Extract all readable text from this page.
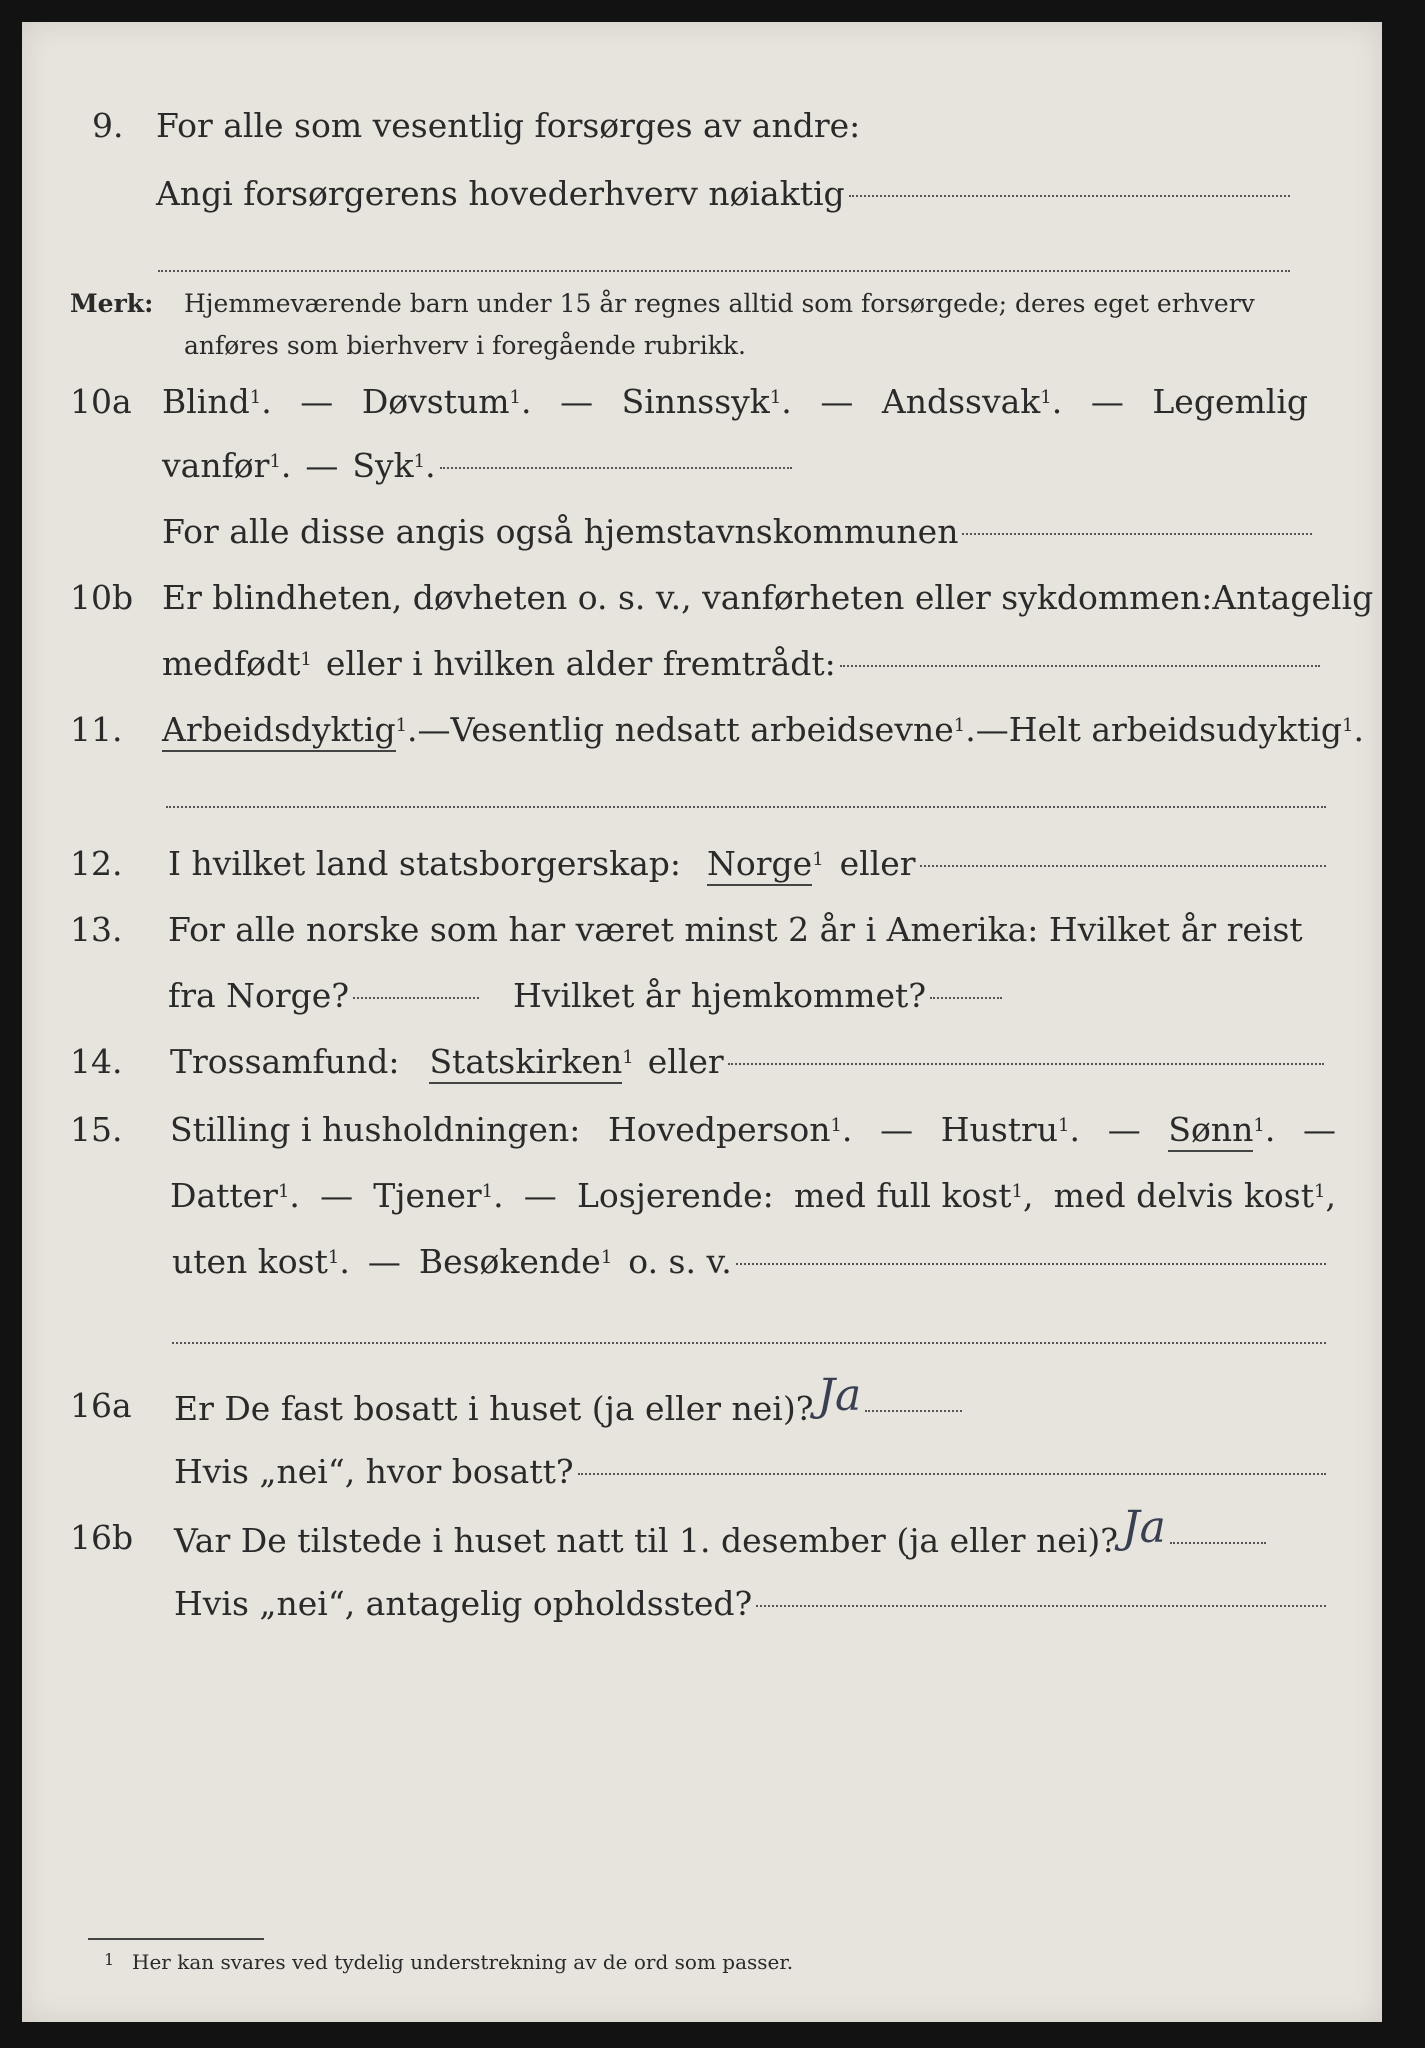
9. For alle som vesentlig forsørges av andre:
Angi forsørgerens hovederhverv nøiaktig
Merk: Hjemmeværende barn under 15 år regnes alltid som forsørgede; deres eget erhverv
anføres som bierhverv i foregående rubrikk.
10a Blind$^1$. — Døvstum$^1$. — Sinnssyk$^1$. — Andssvak$^1$. — Legemlig
vanfør$^1$. — Syk$^1$.
For alle disse angis også hjemstavnskommunen
10b Er blindheten, døvheten o. s. v., vanførheten eller sykdommen: Antagelig
medfødt$^1$ eller i hvilken alder fremtrådt:
11. Arbeidsdyktig$^1$. — Vesentlig nedsatt arbeidsevne$^1$. — Helt arbeidsudyktig$^1$.
12. I hvilket land statsborgerskap: Norge$^1$ eller
13. For alle norske som har været minst 2 år i Amerika: Hvilket år reist
fra Norge?	Hvilket år hjemkommet?
14. Trossamfund: Statskirken$^1$ eller
15. Stilling i husholdningen: Hovedperson$^1$. — Hustru$^1$. — Sønn$^1$. —
Datter$^1$. — Tjener$^1$. — Losjerende: med full kost$^1$, med delvis kost$^1$,
uten kost$^1$. — Besøkende$^1$ o. s. v.
16a Er De fast bosatt i huset (ja eller nei)? Ja
Hvis „nei“, hvor bosatt?
16b Var De tilstede i huset natt til 1. desember (ja eller nei)? Ja
Hvis „nei“, antagelig opholdssted?
1 Her kan svares ved tydelig understrekning av de ord som passer.
